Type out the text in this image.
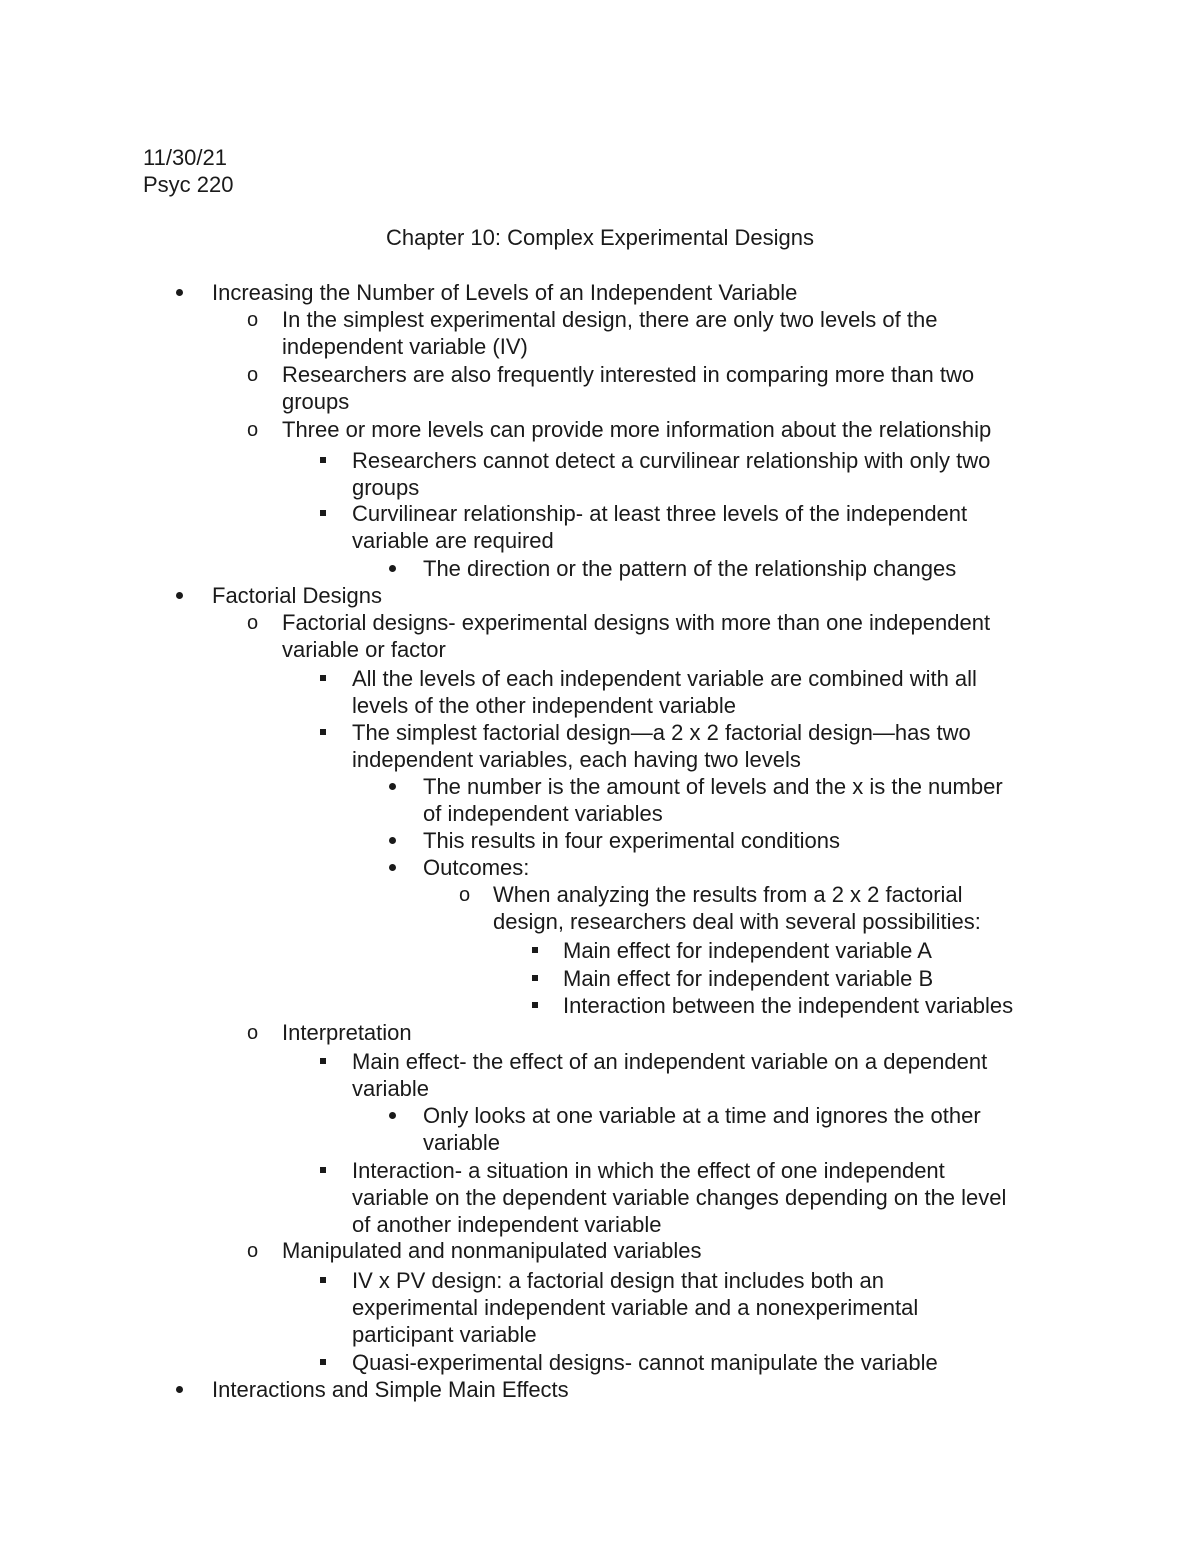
11/30/21
Psyc 220
Chapter 10: Complex Experimental Designs
Increasing the Number of Levels of an Independent Variable
o In the simplest experimental design, there are only two levels of the
independent variable (IV)
o Researchers are also frequently interested in comparing more than two
groups
o Three or more levels can provide more information about the relationship
Researchers cannot detect a curvilinear relationship with only two
groups
Curvilinear relationship- at least three levels of the independent
variable are required
The direction or the pattern of the relationship changes
Factorial Designs
o Factorial designs- experimental designs with more than one independent
variable or factor
All the levels of each independent variable are combined with all
levels of the other independent variable
The simplest factorial design—a 2 x 2 factorial design—has two
independent variables, each having two levels
The number is the amount of levels and the x is the number
of independent variables
This results in four experimental conditions
Outcomes:
o When analyzing the results from a 2 x 2 factorial
design, researchers deal with several possibilities:
Main effect for independent variable A
Main effect for independent variable B
Interaction between the independent variables
o Interpretation
Main effect- the effect of an independent variable on a dependent
variable
Only looks at one variable at a time and ignores the other
variable
Interaction- a situation in which the effect of one independent
variable on the dependent variable changes depending on the level
of another independent variable
o Manipulated and nonmanipulated variables
IV x PV design: a factorial design that includes both an
experimental independent variable and a nonexperimental
participant variable
Quasi-experimental designs- cannot manipulate the variable
Interactions and Simple Main Effects
